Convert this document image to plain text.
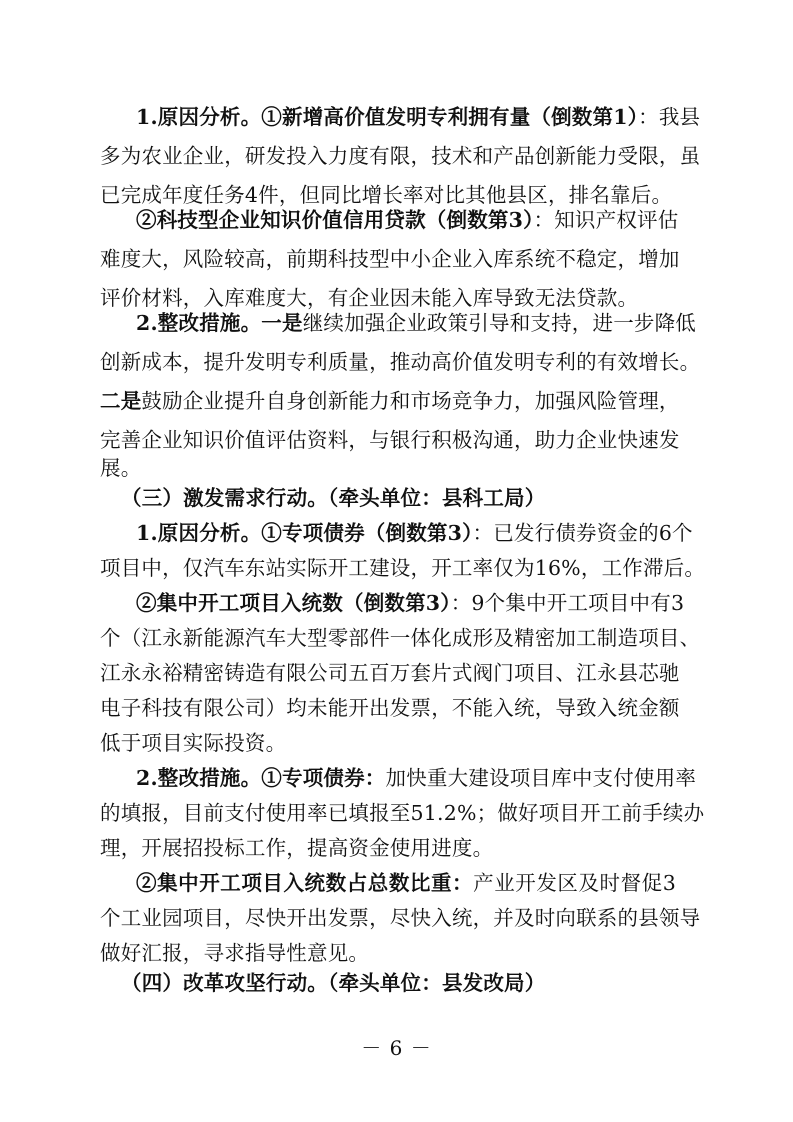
1.原因分析。①新增高价值发明专利拥有量（倒数第1）：我县
多为农业企业，研发投入力度有限，技术和产品创新能力受限，虽
已完成年度任务4件，但同比增长率对比其他县区，排名靠后。
②科技型企业知识价值信用贷款（倒数第3）：知识产权评估
难度大，风险较高，前期科技型中小企业入库系统不稳定，增加
评价材料，入库难度大，有企业因未能入库导致无法贷款。
2.整改措施。一是继续加强企业政策引导和支持，进一步降低
创新成本，提升发明专利质量，推动高价值发明专利的有效增长。
二是鼓励企业提升自身创新能力和市场竞争力，加强风险管理，
完善企业知识价值评估资料，与银行积极沟通，助力企业快速发
展。
（三）激发需求行动。（牵头单位：县科工局）
1.原因分析。①专项债券（倒数第3）：已发行债券资金的6个
项目中，仅汽车东站实际开工建设，开工率仅为16%，工作滞后。
②集中开工项目入统数（倒数第3）：9个集中开工项目中有3
个（江永新能源汽车大型零部件一体化成形及精密加工制造项目、
江永永裕精密铸造有限公司五百万套片式阀门项目、江永县芯驰
电子科技有限公司）均未能开出发票，不能入统，导致入统金额
低于项目实际投资。
2.整改措施。①专项债券：加快重大建设项目库中支付使用率
的填报，目前支付使用率已填报至51.2%；做好项目开工前手续办
理，开展招投标工作，提高资金使用进度。
②集中开工项目入统数占总数比重：产业开发区及时督促3
个工业园项目，尽快开出发票，尽快入统，并及时向联系的县领导
做好汇报，寻求指导性意见。
（四）改革攻坚行动。（牵头单位：县发改局）
－ 6 －
